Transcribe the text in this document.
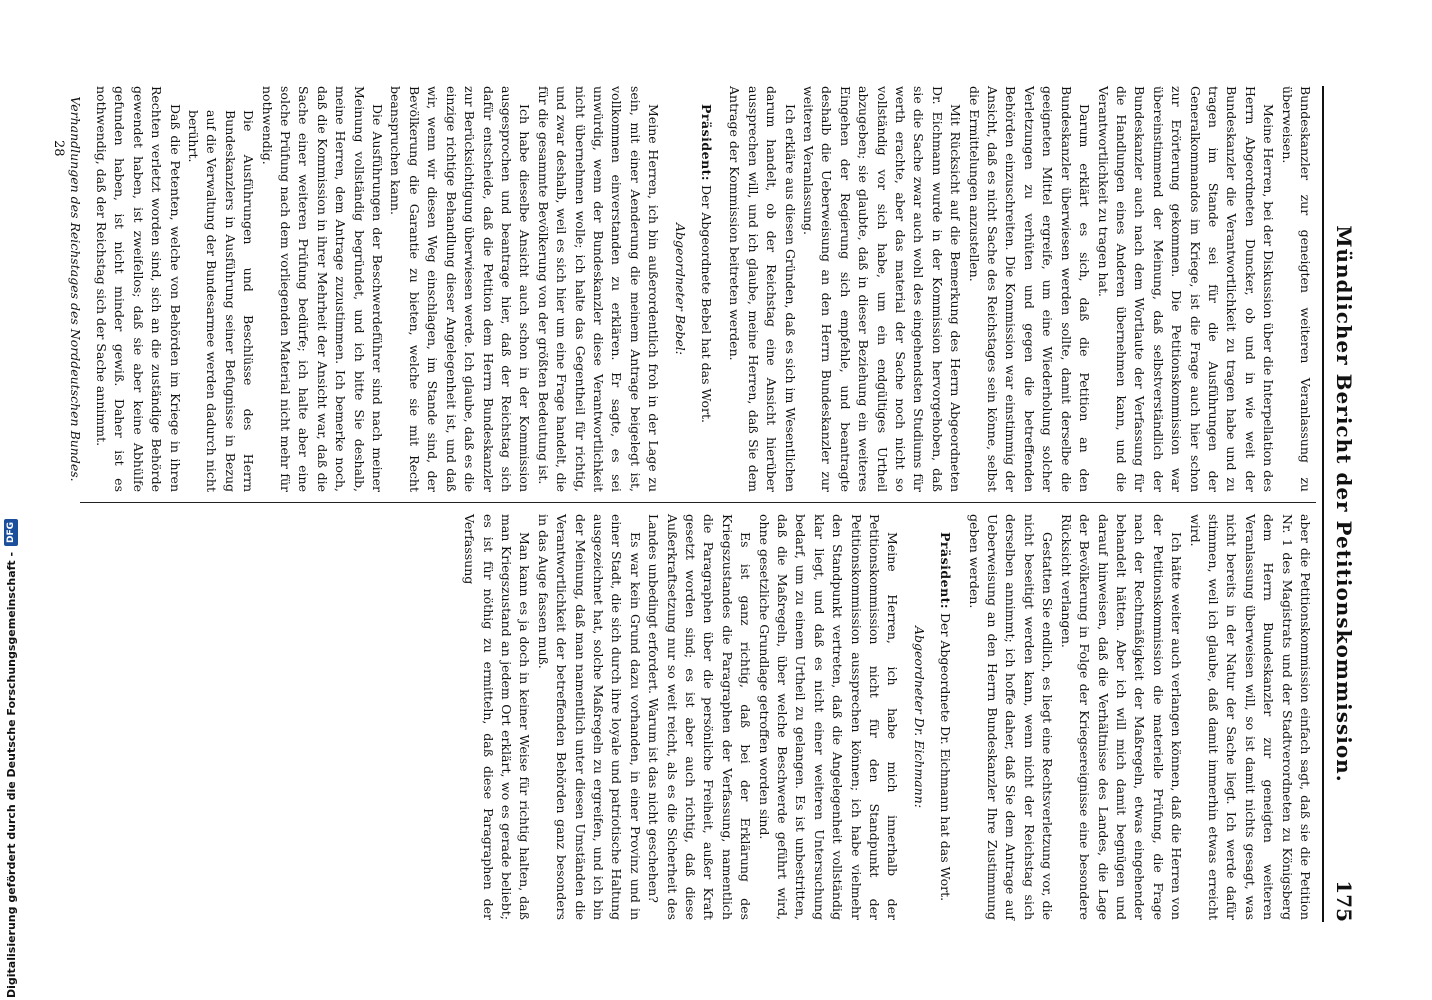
Mündlicher Bericht der Petitionskommission.
175

Bundeskanzler zur geneigten weiteren Veranlassung zu überweisen.

Meine Herren, bei der Diskussion über die Interpellation des Herrn Abgeordneten Duncker, ob und in wie weit der Bundeskanzler die Verantwortlichkeit zu tragen habe und zu tragen im Stande sei für die Ausführungen der Generalkommandos im Kriege, ist die Frage auch hier schon zur Erörterung gekommen. Die Petitionskommission war übereinstimmend der Meinung, daß selbstverständlich der Bundeskanzler auch nach dem Wortlaute der Verfassung für die Handlungen eines Anderen übernehmen kann, und die Verantwortlichkeit zu tragen hat.

Darum erklärt es sich, daß die Petition an den Bundeskanzler überwiesen werden sollte, damit derselbe die geeigneten Mittel ergreife, um eine Wiederholung solcher Verletzungen zu verhüten und gegen die betreffenden Behörden einzuschreiten. Die Kommission war einstimmig der Ansicht, daß es nicht Sache des Reichstages sein könne, selbst die Ermittelungen anzustellen.

Mit Rücksicht auf die Bemerkung des Herrn Abgeordneten Dr. Eichmann wurde in der Kommission hervorgehoben, daß sie die Sache zwar auch wohl des eingehendsten Studiums für werth erachte, aber das material der Sache noch nicht so vollständig vor sich habe, um ein endgültiges Urtheil abzugeben; sie glaubte, daß in dieser Beziehung ein weiteres Eingehen der Regierung sich empfehle, und beantragte deshalb die Ueberweisung an den Herrn Bundeskanzler zur weiteren Veranlassung.

Ich erkläre aus diesen Gründen, daß es sich im Wesentlichen darum handelt, ob der Reichstag eine Ansicht hierüber aussprechen will, und ich glaube, meine Herren, daß Sie dem Antrage der Kommission beitreten werden.

Präsident: Der Abgeordnete Bebel hat das Wort.

Abgeordneter Bebel:

Meine Herren, ich bin außerordentlich froh in der Lage zu sein, mit einer Aenderung die meinem Antrage beigelegt ist, vollkommen einverstanden zu erklären. Er sagte, es sei unwürdig, wenn der Bundeskanzler diese Verantwortlichkeit nicht übernehmen wolle; ich halte das Gegentheil für richtig, und zwar deshalb, weil es sich hier um eine Frage handelt, die für die gesammte Bevölkerung von der größten Bedeutung ist.

Ich habe dieselbe Ansicht auch schon in der Kommission ausgesprochen und beantrage hier, daß der Reichstag sich dafür entscheide, daß die Petition dem Herrn Bundeskanzler zur Berücksichtigung überwiesen werde. Ich glaube, daß es die einzige richtige Behandlung dieser Angelegenheit ist, und daß wir, wenn wir diesen Weg einschlagen, im Stande sind, der Bevölkerung die Garantie zu bieten, welche sie mit Recht beanspruchen kann.

Die Ausführungen der Beschwerdeführer sind nach meiner Meinung vollständig begründet, und ich bitte Sie deshalb, meine Herren, dem Antrage zuzustimmen. Ich bemerke noch, daß die Kommission in ihrer Mehrheit der Ansicht war, daß die Sache einer weiteren Prüfung bedürfe; ich halte aber eine solche Prüfung nach dem vorliegenden Material nicht mehr für nothwendig.

Die Ausführungen und Beschlüsse des Herrn Bundeskanzlers in Ausführung seiner Befugnisse in Bezug auf die Verwaltung der Bundesarmee werden dadurch nicht berührt.

Daß die Petenten, welche von Behörden im Kriege in ihren Rechten verletzt worden sind, sich an die zuständige Behörde gewendet haben, ist zweifellos; daß sie aber keine Abhülfe gefunden haben, ist nicht minder gewiß. Daher ist es nothwendig, daß der Reichstag sich der Sache annimmt.

Verhandlungen des Reichstages des Norddeutschen Bundes.

aber die Petitionskommission einfach sagt, daß sie die Petition Nr. 1 des Magistrats und der Stadtverordneten zu Königsberg dem Herrn Bundeskanzler zur geneigten weiteren Veranlassung überweisen will, so ist damit nichts gesagt, was nicht bereits in der Natur der Sache liegt. Ich werde dafür stimmen, weil ich glaube, daß damit immerhin etwas erreicht wird.

Ich hätte weiter auch verlangen können, daß die Herren von der Petitionskommission die materielle Prüfung, die Frage nach der Rechtmäßigkeit der Maßregeln, etwas eingehender behandelt hätten. Aber ich will mich damit begnügen und darauf hinweisen, daß die Verhältnisse des Landes, die Lage der Bevölkerung in Folge der Kriegsereignisse eine besondere Rücksicht verlangen.

Gestatten Sie endlich, es liegt eine Rechtsverletzung vor, die nicht beseitigt werden kann, wenn nicht der Reichstag sich derselben annimmt; ich hoffe daher, daß Sie dem Antrage auf Ueberweisung an den Herrn Bundeskanzler Ihre Zustimmung geben werden.

Präsident: Der Abgeordnete Dr. Eichmann hat das Wort.

Abgeordneter Dr. Eichmann:

Meine Herren, ich habe mich innerhalb der Petitionskommission nicht für den Standpunkt der Petitionskommission aussprechen können; ich habe vielmehr den Standpunkt vertreten, daß die Angelegenheit vollständig klar liegt, und daß es nicht einer weiteren Untersuchung bedarf, um zu einem Urtheil zu gelangen. Es ist unbestritten, daß die Maßregeln, über welche Beschwerde geführt wird, ohne gesetzliche Grundlage getroffen worden sind.

Es ist ganz richtig, daß bei der Erklärung des Kriegszustandes die Paragraphen der Verfassung, namentlich die Paragraphen über die persönliche Freiheit, außer Kraft gesetzt worden sind; es ist aber auch richtig, daß diese Außerkraftsetzung nur so weit reicht, als es die Sicherheit des Landes unbedingt erfordert. Warum ist das nicht geschehen?

Es war kein Grund dazu vorhanden, in einer Provinz und in einer Stadt, die sich durch ihre loyale und patriotische Haltung ausgezeichnet hat, solche Maßregeln zu ergreifen, und ich bin der Meinung, daß man namentlich unter diesen Umständen die Verantwortlichkeit der betreffenden Behörden ganz besonders in das Auge fassen muß.

Man kann es ja doch in keiner Weise für richtig halten, daß man Kriegszustand an jedem Ort erklärt, wo es gerade beliebt; es ist für nöthig zu ermitteln, daß diese Paragraphen der Verfassung

28
Digitalisierung gefördert durch die Deutsche Forschungsgemeinschaft -
DFG
